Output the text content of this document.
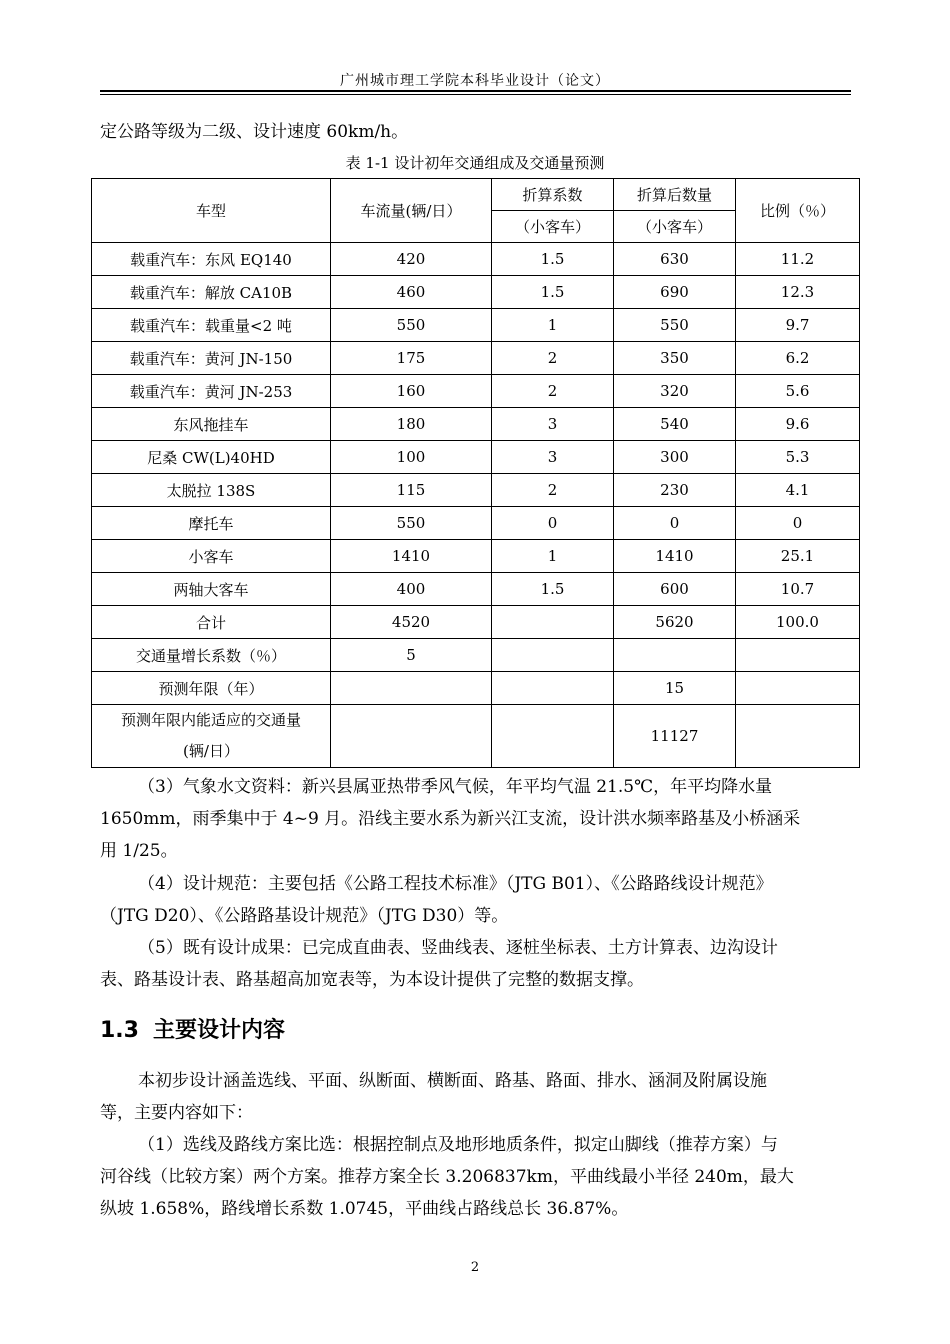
广州城市理工学院本科毕业设计（论文）
定公路等级为二级、设计速度 60km/h。
表 1-1 设计初年交通组成及交通量预测
车型	车流量(辆/日）	折算系数	折算后数量	比例（％）
		（小客车）	（小客车）	
载重汽车：东风 EQ140	420	1.5	630	11.2
载重汽车：解放 CA10B	460	1.5	690	12.3
载重汽车：载重量<2 吨	550	1	550	9.7
载重汽车：黄河 JN-150	175	2	350	6.2
载重汽车：黄河 JN-253	160	2	320	5.6
东风拖挂车	180	3	540	9.6
尼桑 CW(L)40HD	100	3	300	5.3
太脱拉 138S	115	2	230	4.1
摩托车	550	0	0	0
小客车	1410	1	1410	25.1
两轴大客车	400	1.5	600	10.7
合计	4520		5620	100.0
交通量增长系数（％）	5			
预测年限（年）			15	

预测年限内能适应的交通量
(辆/日）			11127	
（3）气象水文资料：新兴县属亚热带季风气候，年平均气温 21.5℃，年平均降水量
1650mm，雨季集中于 4~9 月。沿线主要水系为新兴江支流，设计洪水频率路基及小桥涵采
用 1/25。
（4）设计规范：主要包括《公路工程技术标准》（JTG B01）、《公路路线设计规范》
（JTG D20）、《公路路基设计规范》（JTG D30）等。
（5）既有设计成果：已完成直曲表、竖曲线表、逐桩坐标表、土方计算表、边沟设计
表、路基设计表、路基超高加宽表等，为本设计提供了完整的数据支撑。
1.3 主要设计内容
本初步设计涵盖选线、平面、纵断面、横断面、路基、路面、排水、涵洞及附属设施
等，主要内容如下：
（1）选线及路线方案比选：根据控制点及地形地质条件，拟定山脚线（推荐方案）与
河谷线（比较方案）两个方案。推荐方案全长 3.206837km，平曲线最小半径 240m，最大
纵坡 1.658%，路线增长系数 1.0745，平曲线占路线总长 36.87%。
2
